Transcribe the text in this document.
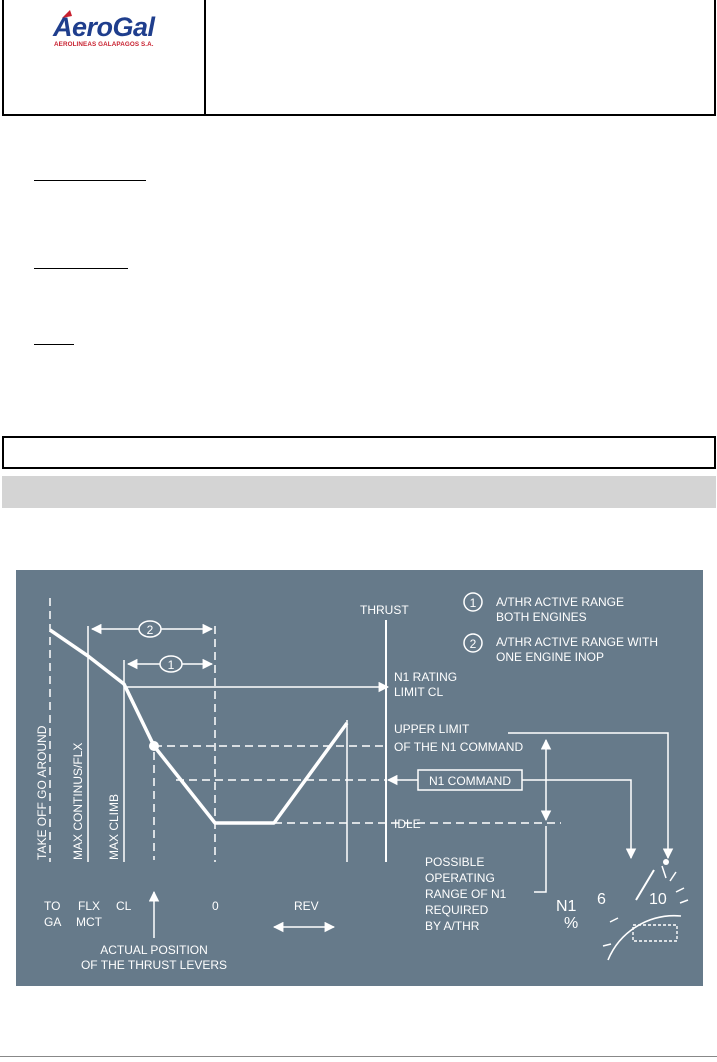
AeroGal
AEROLINEAS GALAPAGOS S.A.
2
1
TAKE OFF GO AROUND MAX CONTINUS/FLX MAX CLIMB
TO
GA
FLX
MCT
CL	0	REV
ACTUAL POSITION
OF THE THRUST LEVERS
THRUST	1 A/THR ACTIVE RANGE
BOTH ENGINES
2 A/THR ACTIVE RANGE WITH
ONE ENGINE INOP
N1 RATING
LIMIT CL
UPPER LIMIT
OF THE N1 COMMAND
N1 COMMAND
IDLE
POSSIBLE
OPERATING
RANGE OF N1
REQUIRED
BY A/THR
N1
%
6	10
